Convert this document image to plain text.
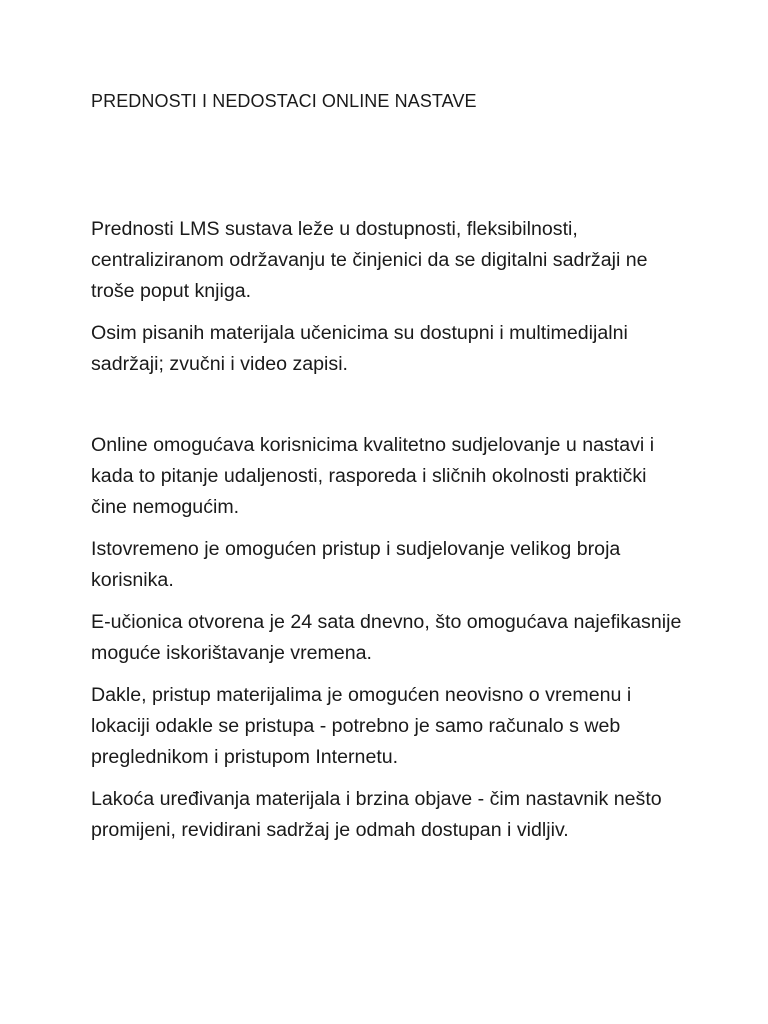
PREDNOSTI I NEDOSTACI ONLINE NASTAVE

Prednosti LMS sustava leže u dostupnosti, fleksibilnosti, centraliziranom održavanju te činjenici da se digitalni sadržaji ne troše poput knjiga.

Osim pisanih materijala učenicima su dostupni i multimedijalni sadržaji; zvučni i video zapisi.

Online omogućava korisnicima kvalitetno sudjelovanje u nastavi i kada to pitanje udaljenosti, rasporeda i sličnih okolnosti praktički čine nemogućim.

Istovremeno je omogućen pristup i sudjelovanje velikog broja korisnika.

E-učionica otvorena je 24 sata dnevno, što omogućava najefikasnije moguće iskorištavanje vremena.

Dakle, pristup materijalima je omogućen neovisno o vremenu i lokaciji odakle se pristupa - potrebno je samo računalo s web preglednikom i pristupom Internetu.

Lakoća uređivanja materijala i brzina objave - čim nastavnik nešto promijeni, revidirani sadržaj je odmah dostupan i vidljiv.
